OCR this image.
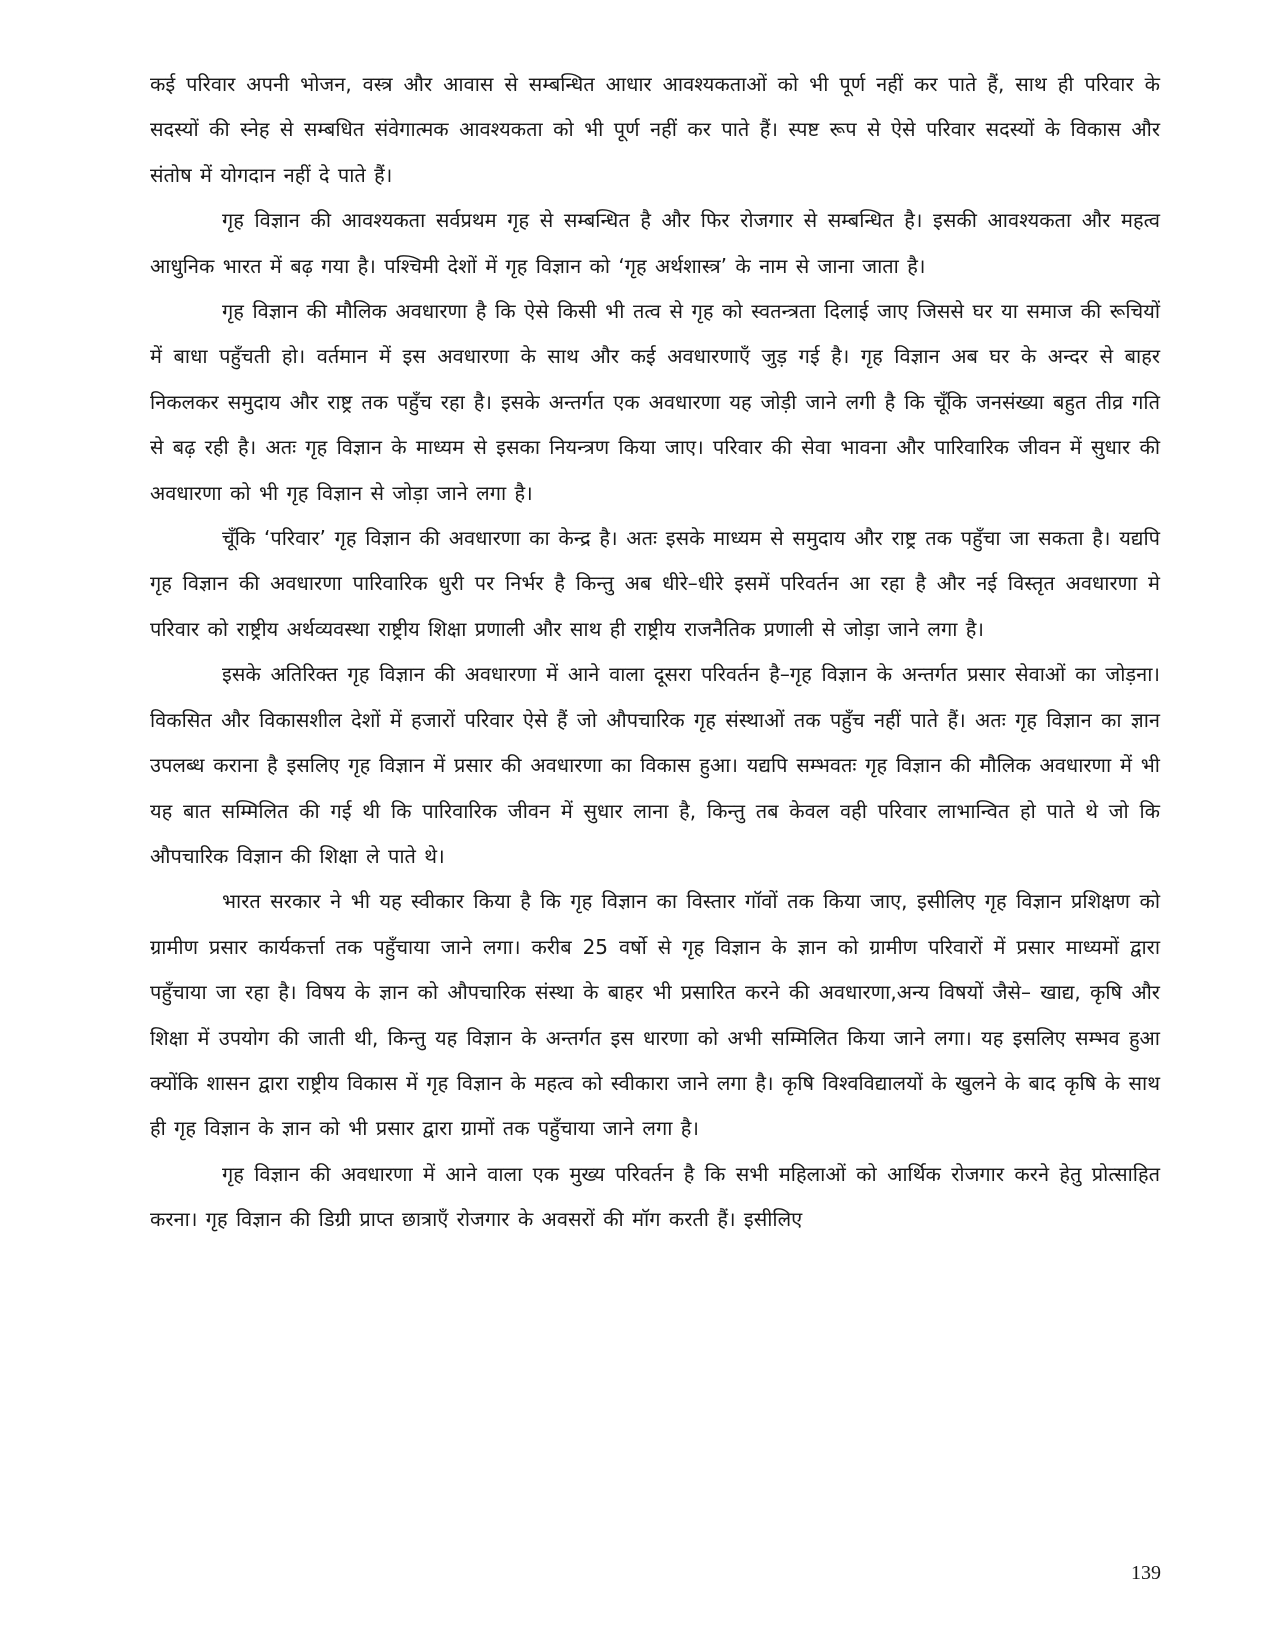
कई परिवार अपनी भोजन, वस्त्र और आवास से सम्बन्धित आधार आवश्यकताओं को भी पूर्ण नहीं कर पाते हैं, साथ ही परिवार के सदस्यों की स्नेह से सम्बधित संवेगात्मक आवश्यकता को भी पूर्ण नहीं कर पाते हैं। स्पष्ट रूप से ऐसे परिवार सदस्यों के विकास और संतोष में योगदान नहीं दे पाते हैं।

गृह विज्ञान की आवश्यकता सर्वप्रथम गृह से सम्बन्धित है और फिर रोजगार से सम्बन्धित है। इसकी आवश्यकता और महत्व आधुनिक भारत में बढ़ गया है। पश्चिमी देशों में गृह विज्ञान को ‘गृह अर्थशास्त्र’ के नाम से जाना जाता है।

गृह विज्ञान की मौलिक अवधारणा है कि ऐसे किसी भी तत्व से गृह को स्वतन्त्रता दिलाई जाए जिससे घर या समाज की रूचियों में बाधा पहुँचती हो। वर्तमान में इस अवधारणा के साथ और कई अवधारणाएँ जुड़ गई है। गृह विज्ञान अब घर के अन्दर से बाहर निकलकर समुदाय और राष्ट्र तक पहुँच रहा है। इसके अन्तर्गत एक अवधारणा यह जोड़ी जाने लगी है कि चूँकि जनसंख्या बहुत तीव्र गति से बढ़ रही है। अतः गृह विज्ञान के माध्यम से इसका नियन्त्रण किया जाए। परिवार की सेवा भावना और पारिवारिक जीवन में सुधार की अवधारणा को भी गृह विज्ञान से जोड़ा जाने लगा है।

चूँकि ‘परिवार’ गृह विज्ञान की अवधारणा का केन्द्र है। अतः इसके माध्यम से समुदाय और राष्ट्र तक पहुँचा जा सकता है। यद्यपि गृह विज्ञान की अवधारणा पारिवारिक धुरी पर निर्भर है किन्तु अब धीरे–धीरे इसमें परिवर्तन आ रहा है और नई विस्तृत अवधारणा मे परिवार को राष्ट्रीय अर्थव्यवस्था राष्ट्रीय शिक्षा प्रणाली और साथ ही राष्ट्रीय राजनैतिक प्रणाली से जोड़ा जाने लगा है।

इसके अतिरिक्त गृह विज्ञान की अवधारणा में आने वाला दूसरा परिवर्तन है–गृह विज्ञान के अन्तर्गत प्रसार सेवाओं का जोड़ना। विकसित और विकासशील देशों में हजारों परिवार ऐसे हैं जो औपचारिक गृह संस्थाओं तक पहुँच नहीं पाते हैं। अतः गृह विज्ञान का ज्ञान उपलब्ध कराना है इसलिए गृह विज्ञान में प्रसार की अवधारणा का विकास हुआ। यद्यपि सम्भवतः गृह विज्ञान की मौलिक अवधारणा में भी यह बात सम्मिलित की गई थी कि पारिवारिक जीवन में सुधार लाना है, किन्तु तब केवल वही परिवार लाभान्वित हो पाते थे जो कि औपचारिक विज्ञान की शिक्षा ले पाते थे।

भारत सरकार ने भी यह स्वीकार किया है कि गृह विज्ञान का विस्तार गॉवों तक किया जाए, इसीलिए गृह विज्ञान प्रशिक्षण को ग्रामीण प्रसार कार्यकर्त्ता तक पहुँचाया जाने लगा। करीब 25 वर्षो से गृह विज्ञान के ज्ञान को ग्रामीण परिवारों में प्रसार माध्यमों द्वारा पहुँचाया जा रहा है। विषय के ज्ञान को औपचारिक संस्था के बाहर भी प्रसारित करने की अवधारणा,अन्य विषयों जैसे– खाद्य, कृषि और शिक्षा में उपयोग की जाती थी, किन्तु यह विज्ञान के अन्तर्गत इस धारणा को अभी सम्मिलित किया जाने लगा। यह इसलिए सम्भव हुआ क्योंकि शासन द्वारा राष्ट्रीय विकास में गृह विज्ञान के महत्व को स्वीकारा जाने लगा है। कृषि विश्वविद्यालयों के खुलने के बाद कृषि के साथ ही गृह विज्ञान के ज्ञान को भी प्रसार द्वारा ग्रामों तक पहुँचाया जाने लगा है।

गृह विज्ञान की अवधारणा में आने वाला एक मुख्य परिवर्तन है कि सभी महिलाओं को आर्थिक रोजगार करने हेतु प्रोत्साहित करना। गृह विज्ञान की डिग्री प्राप्त छात्राएँ रोजगार के अवसरों की मॉग करती हैं। इसीलिए

139
